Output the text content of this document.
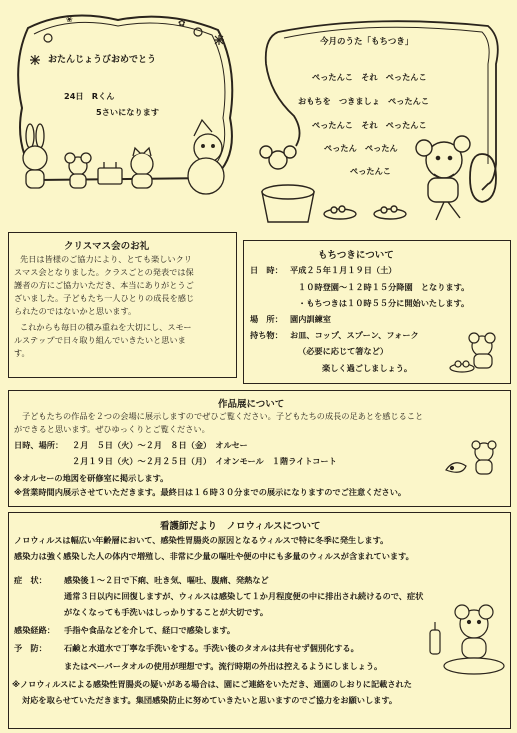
✿
❀
おたんじょうびおめでとう
24日　Rくん
5さいになります
今月のうた「もちつき」
ぺったんこ　それ　ぺったんこ
おもちを　つきましょ　ぺったんこ
ぺったんこ　それ　ぺったんこ
ぺったん　ぺったん
ぺったんこ
クリスマス会のお礼
先日は皆様のご協力により、とても楽しいクリ
スマス会となりました。クラスごとの発表では保
護者の方にご協力いただき、本当にありがとうご
ざいました。子どもたち一人ひとりの成長を感じ
られたのではないかと思います。
これからも毎日の積み重ねを大切にし、スモー
ルステップで日々取り組んでいきたいと思いま
す。
もちつきについて
日　時： 平成２５年１月１９日（土）
１０時登園～１２時１５分降園　となります。
・もちつきは１０時５５分に開始いたします。
場　所： 園内訓練室
持ち物： お皿、コップ、スプーン、フォーク
（必要に応じて箸など）
楽しく過ごしましょう。
作品展について
子どもたちの作品を２つの会場に展示しますのでぜひご覧ください。子どもたちの成長の足あとを感じること
ができると思います。ぜひゆっくりとご覧ください。
日時、場所： ２月　５日（火）～２月　８日（金）　オルセー
２月１９日（火）～２月２５日（月）　イオンモール　１階ライトコート
※オルセーの地図を研修室に掲示します。
※営業時間内展示させていただきます。最終日は１６時３０分までの展示になりますのでご注意ください。
看護師だより　ノロウィルスについて
ノロウィルスは幅広い年齢層において、感染性胃腸炎の原因となるウィルスで特に冬季に発生します。
感染力は強く感染した人の体内で増殖し、非常に少量の嘔吐や便の中にも多量のウィルスが含まれています。
症　状： 感染後１～２日で下痢、吐き気、嘔吐、腹痛、発熱など
通常３日以内に回復しますが、ウィルスは感染して１か月程度便の中に排出され続けるので、症状
がなくなっても手洗いはしっかりすることが大切です。
感染経路： 手指や食品などを介して、経口で感染します。
予　防： 石鹸と水道水で丁寧な手洗いをする。手洗い後のタオルは共有せず個別化する。
またはペーパータオルの使用が理想です。流行時期の外出は控えるようにしましょう。
※ノロウィルスによる感染性胃腸炎の疑いがある場合は、園にご連絡をいただき、通園のしおりに記載された
対応を取らせていただきます。集団感染防止に努めていきたいと思いますのでご協力をお願いします。
